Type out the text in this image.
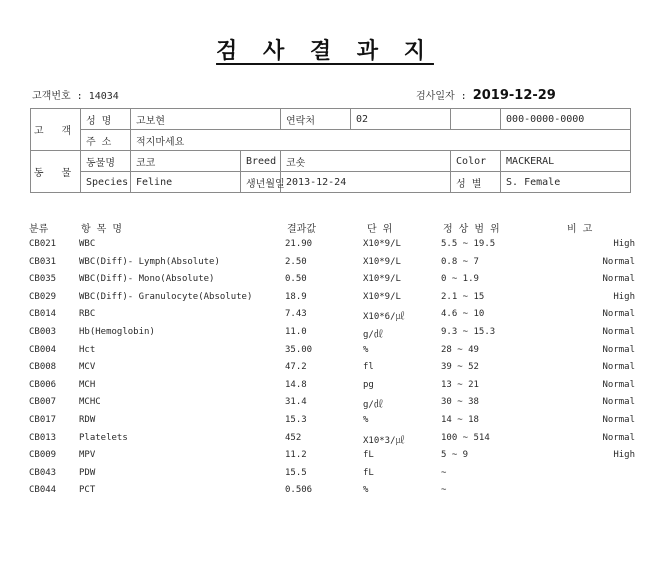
검 사 결 과 지
고객번호 : 14034	검사일자 : 2019-12-29
고 객	성 명	고보현		연락처	02		000-0000-0000
	주 소	적지마세요					
동 물	동물명	코코	Breed	코숏		Color	MACKERAL
	Species	Feline	생년월일	2013-12-24		성 별	S. Female
분류	항 목 명	결과값	단 위	정 상 범 위	비 고
CB021	WBC	21.90	X10*9/L	5.5 ~ 19.5	High
CB031	WBC(Diff)- Lymph(Absolute)	2.50	X10*9/L	0.8 ~ 7	Normal
CB035	WBC(Diff)- Mono(Absolute)	0.50	X10*9/L	0 ~ 1.9	Normal
CB029	WBC(Diff)- Granulocyte(Absolute)	18.9	X10*9/L	2.1 ~ 15	High
CB014	RBC	7.43	X10*6/㎕	4.6 ~ 10	Normal
CB003	Hb(Hemoglobin)	11.0	g/㎗	9.3 ~ 15.3	Normal
CB004	Hct	35.00	%	28 ~ 49	Normal
CB008	MCV	47.2	fl	39 ~ 52	Normal
CB006	MCH	14.8	pg	13 ~ 21	Normal
CB007	MCHC	31.4	g/㎗	30 ~ 38	Normal
CB017	RDW	15.3	%	14 ~ 18	Normal
CB013	Platelets	452	X10*3/㎕	100 ~ 514	Normal
CB009	MPV	11.2	fL	5 ~ 9	High
CB043	PDW	15.5	fL	~
CB044	PCT	0.506	%	~
